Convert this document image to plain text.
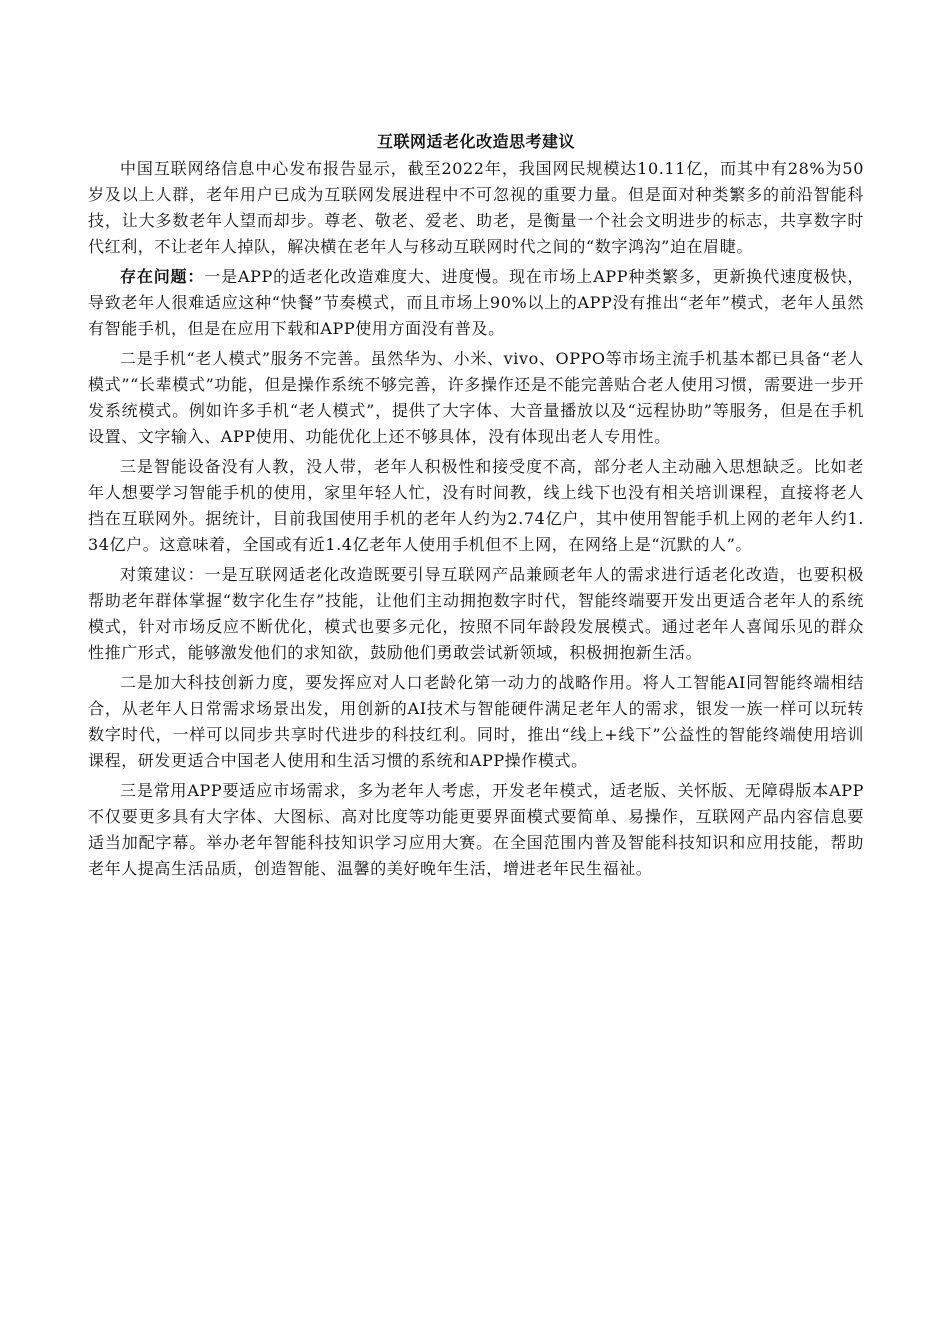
互联网适老化改造思考建议

中国互联网络信息中心发布报告显示，截至2022年，我国网民规模达10.11亿，而其中有28%为50岁及以上人群，老年用户已成为互联网发展进程中不可忽视的重要力量。但是面对种类繁多的前沿智能科技，让大多数老年人望而却步。尊老、敬老、爱老、助老，是衡量一个社会文明进步的标志，共享数字时代红利，不让老年人掉队，解决横在老年人与移动互联网时代之间的“数字鸿沟”迫在眉睫。

存在问题：一是APP的适老化改造难度大、进度慢。现在市场上APP种类繁多，更新换代速度极快，导致老年人很难适应这种“快餐”节奏模式，而且市场上90%以上的APP没有推出“老年”模式，老年人虽然有智能手机，但是在应用下载和APP使用方面没有普及。

二是手机“老人模式”服务不完善。虽然华为、小米、vivo、OPPO等市场主流手机基本都已具备“老人模式”“长辈模式”功能，但是操作系统不够完善，许多操作还是不能完善贴合老人使用习惯，需要进一步开发系统模式。例如许多手机“老人模式”，提供了大字体、大音量播放以及“远程协助”等服务，但是在手机设置、文字输入、APP使用、功能优化上还不够具体，没有体现出老人专用性。

三是智能设备没有人教，没人带，老年人积极性和接受度不高，部分老人主动融入思想缺乏。比如老年人想要学习智能手机的使用，家里年轻人忙，没有时间教，线上线下也没有相关培训课程，直接将老人挡在互联网外。据统计，目前我国使用手机的老年人约为2.74亿户，其中使用智能手机上网的老年人约1.34亿户。这意味着，全国或有近1.4亿老年人使用手机但不上网，在网络上是“沉默的人”。

对策建议：一是互联网适老化改造既要引导互联网产品兼顾老年人的需求进行适老化改造，也要积极帮助老年群体掌握“数字化生存”技能，让他们主动拥抱数字时代，智能终端要开发出更适合老年人的系统模式，针对市场反应不断优化，模式也要多元化，按照不同年龄段发展模式。通过老年人喜闻乐见的群众性推广形式，能够激发他们的求知欲，鼓励他们勇敢尝试新领域，积极拥抱新生活。

二是加大科技创新力度，要发挥应对人口老龄化第一动力的战略作用。将人工智能AI同智能终端相结合，从老年人日常需求场景出发，用创新的AI技术与智能硬件满足老年人的需求，银发一族一样可以玩转数字时代，一样可以同步共享时代进步的科技红利。同时，推出“线上+线下”公益性的智能终端使用培训课程，研发更适合中国老人使用和生活习惯的系统和APP操作模式。

三是常用APP要适应市场需求，多为老年人考虑，开发老年模式，适老版、关怀版、无障碍版本APP不仅要更多具有大字体、大图标、高对比度等功能更要界面模式要简单、易操作，互联网产品内容信息要适当加配字幕。举办老年智能科技知识学习应用大赛。在全国范围内普及智能科技知识和应用技能，帮助老年人提高生活品质，创造智能、温馨的美好晚年生活，增进老年民生福祉。
